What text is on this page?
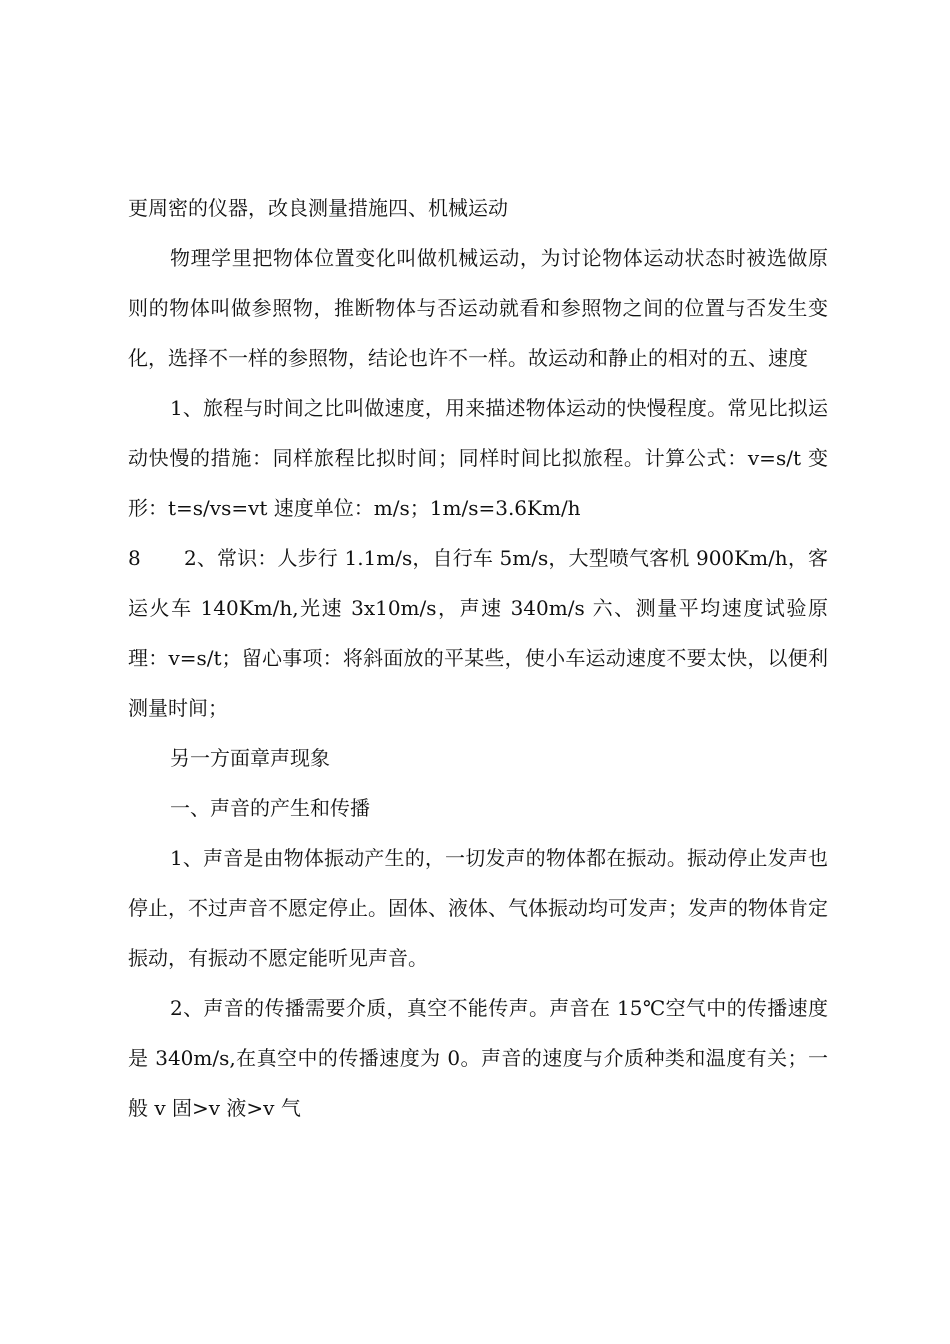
更周密的仪器，改良测量措施四、机械运动

物理学里把物体位置变化叫做机械运动，为讨论物体运动状态时被选做原则的物体叫做参照物，推断物体与否运动就看和参照物之间的位置与否发生变化，选择不一样的参照物，结论也许不一样。故运动和静止的相对的五、速度

1、旅程与时间之比叫做速度，用来描述物体运动的快慢程度。常见比拟运动快慢的措施：同样旅程比拟时间；同样时间比拟旅程。计算公式：v=s/t 变形：t=s/vs=vt 速度单位：m/s；1m/s=3.6Km/h

8 2、常识：人步行 1.1m/s，自行车 5m/s，大型喷气客机 900Km/h，客运火车 140Km/h,光速 3x10m/s，声速 340m/s 六、测量平均速度试验原理：v=s/t；留心事项：将斜面放的平某些，使小车运动速度不要太快，以便利测量时间；

另一方面章声现象

一、声音的产生和传播

1、声音是由物体振动产生的，一切发声的物体都在振动。振动停止发声也停止，不过声音不愿定停止。固体、液体、气体振动均可发声；发声的物体肯定振动，有振动不愿定能听见声音。

2、声音的传播需要介质，真空不能传声。声音在 15℃空气中的传播速度是 340m/s,在真空中的传播速度为 0。声音的速度与介质种类和温度有关；一般 v 固>v 液>v 气
